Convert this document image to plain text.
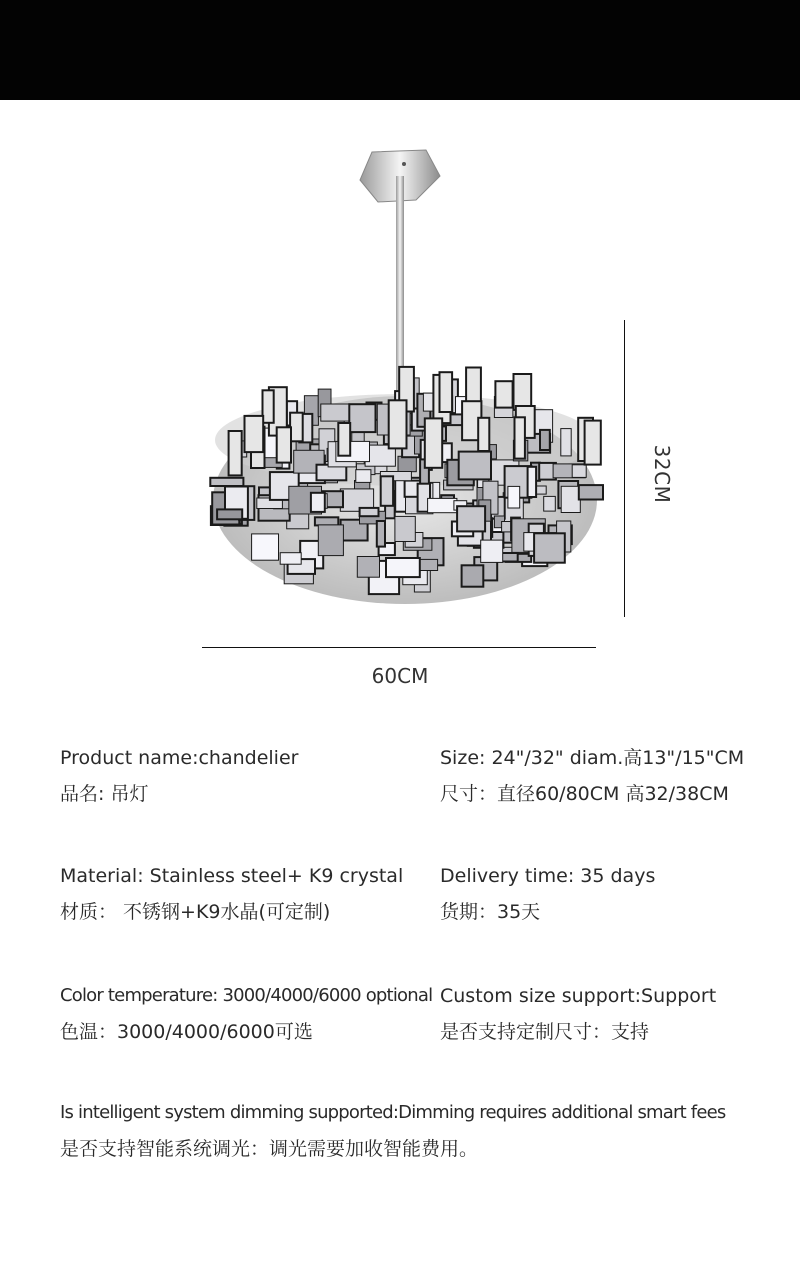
32CM
60CM
Product name:chandelier
品名: 吊灯
Size: 24"/32" diam.高13"/15"CM
尺寸：直径60/80CM 高32/38CM
Material: Stainless steel+ K9 crystal
材质： 不锈钢+K9水晶(可定制)
Delivery time: 35 days
货期：35天
Color temperature: 3000/4000/6000 optional
色温：3000/4000/6000可选
Custom size support:Support
是否支持定制尺寸：支持
Is intelligent system dimming supported:Dimming requires additional smart fees
是否支持智能系统调光：调光需要加收智能费用。
